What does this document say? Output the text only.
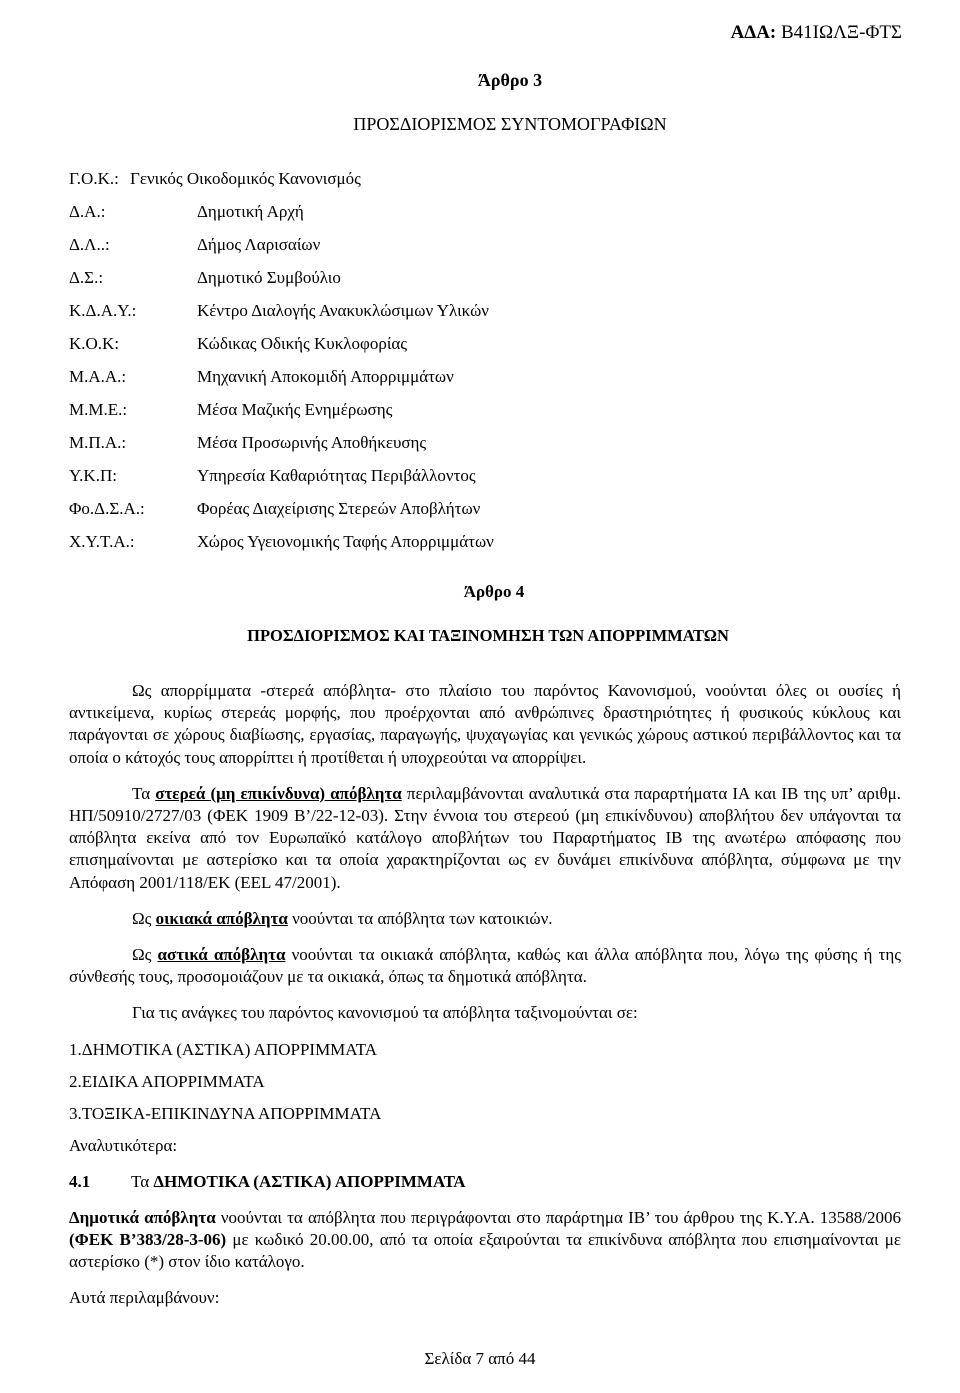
ΑΔΑ: Β41ΙΩΛΞ-ΦΤΣ
Άρθρο 3
ΠΡΟΣΔΙΟΡΙΣΜΟΣ ΣΥΝΤΟΜΟΓΡΑΦΙΩΝ
Γ.Ο.Κ.: Γενικός Οικοδομικός Κανονισμός
Δ.Α.:	Δημοτική Αρχή
Δ.Λ..:	Δήμος Λαρισαίων
Δ.Σ.:	Δημοτικό Συμβούλιο
Κ.Δ.Α.Υ.:	Κέντρο Διαλογής Ανακυκλώσιμων Υλικών
Κ.Ο.Κ:	Κώδικας Οδικής Κυκλοφορίας
Μ.Α.Α.:	Μηχανική Αποκομιδή Απορριμμάτων
Μ.Μ.Ε.:	Μέσα Μαζικής Ενημέρωσης
Μ.Π.Α.:	Μέσα Προσωρινής Αποθήκευσης
Υ.Κ.Π:	Υπηρεσία Καθαριότητας Περιβάλλοντος
Φο.Δ.Σ.Α.:	Φορέας Διαχείρισης Στερεών Αποβλήτων
Χ.Υ.Τ.Α.:	Χώρος Υγειονομικής Ταφής Απορριμμάτων
Άρθρο 4
ΠΡΟΣΔΙΟΡΙΣΜΟΣ ΚΑΙ ΤΑΞΙΝΟΜΗΣΗ ΤΩΝ ΑΠΟΡΡΙΜΜΑΤΩΝ

Ως απορρίμματα -στερεά απόβλητα- στο πλαίσιο του παρόντος Κανονισμού, νοούνται όλες οι ουσίες ή αντικείμενα, κυρίως στερεάς μορφής, που προέρχονται από ανθρώπινες δραστηριότητες ή φυσικούς κύκλους και παράγονται σε χώρους διαβίωσης, εργασίας, παραγωγής, ψυχαγωγίας και γενικώς χώρους αστικού περιβάλλοντος και τα οποία ο κάτοχός τους απορρίπτει ή προτίθεται ή υποχρεούται να απορρίψει.

Τα στερεά (μη επικίνδυνα) απόβλητα περιλαμβάνονται αναλυτικά στα παραρτήματα ΙΑ και ΙΒ της υπ’ αριθμ. ΗΠ/50910/2727/03 (ΦΕΚ 1909 Β’/22-12-03). Στην έννοια του στερεού (μη επικίνδυνου) αποβλήτου δεν υπάγονται τα απόβλητα εκείνα από τον Ευρωπαϊκό κατάλογο αποβλήτων του Παραρτήματος ΙΒ της ανωτέρω απόφασης που επισημαίνονται με αστερίσκο και τα οποία χαρακτηρίζονται ως εν δυνάμει επικίνδυνα απόβλητα, σύμφωνα με την Απόφαση 2001/118/ΕΚ (ΕΕL 47/2001).

Ως οικιακά απόβλητα νοούνται τα απόβλητα των κατοικιών.

Ως αστικά απόβλητα νοούνται τα οικιακά απόβλητα, καθώς και άλλα απόβλητα που, λόγω της φύσης ή της σύνθεσής τους, προσομοιάζουν με τα οικιακά, όπως τα δημοτικά απόβλητα.

Για τις ανάγκες του παρόντος κανονισμού τα απόβλητα ταξινομούνται σε:

1.ΔΗΜΟΤΙΚΑ (ΑΣΤΙΚΑ) ΑΠΟΡΡΙΜΜΑΤΑ

2.ΕΙΔΙΚΑ ΑΠΟΡΡΙΜΜΑΤΑ

3.ΤΟΞΙΚΑ-ΕΠΙΚΙΝΔΥΝΑ ΑΠΟΡΡΙΜΜΑΤΑ

Αναλυτικότερα:

4.1 Τα ΔΗΜΟΤΙΚΑ (ΑΣΤΙΚΑ) ΑΠΟΡΡΙΜΜΑΤΑ

Δημοτικά απόβλητα νοούνται τα απόβλητα που περιγράφονται στο παράρτημα ΙΒ’ του άρθρου της Κ.Υ.Α. 13588/2006 (ΦΕΚ Β’383/28-3-06) με κωδικό 20.00.00, από τα οποία εξαιρούνται τα επικίνδυνα απόβλητα που επισημαίνονται με αστερίσκο (*) στον ίδιο κατάλογο.

Αυτά περιλαμβάνουν:

Σελίδα 7 από 44
